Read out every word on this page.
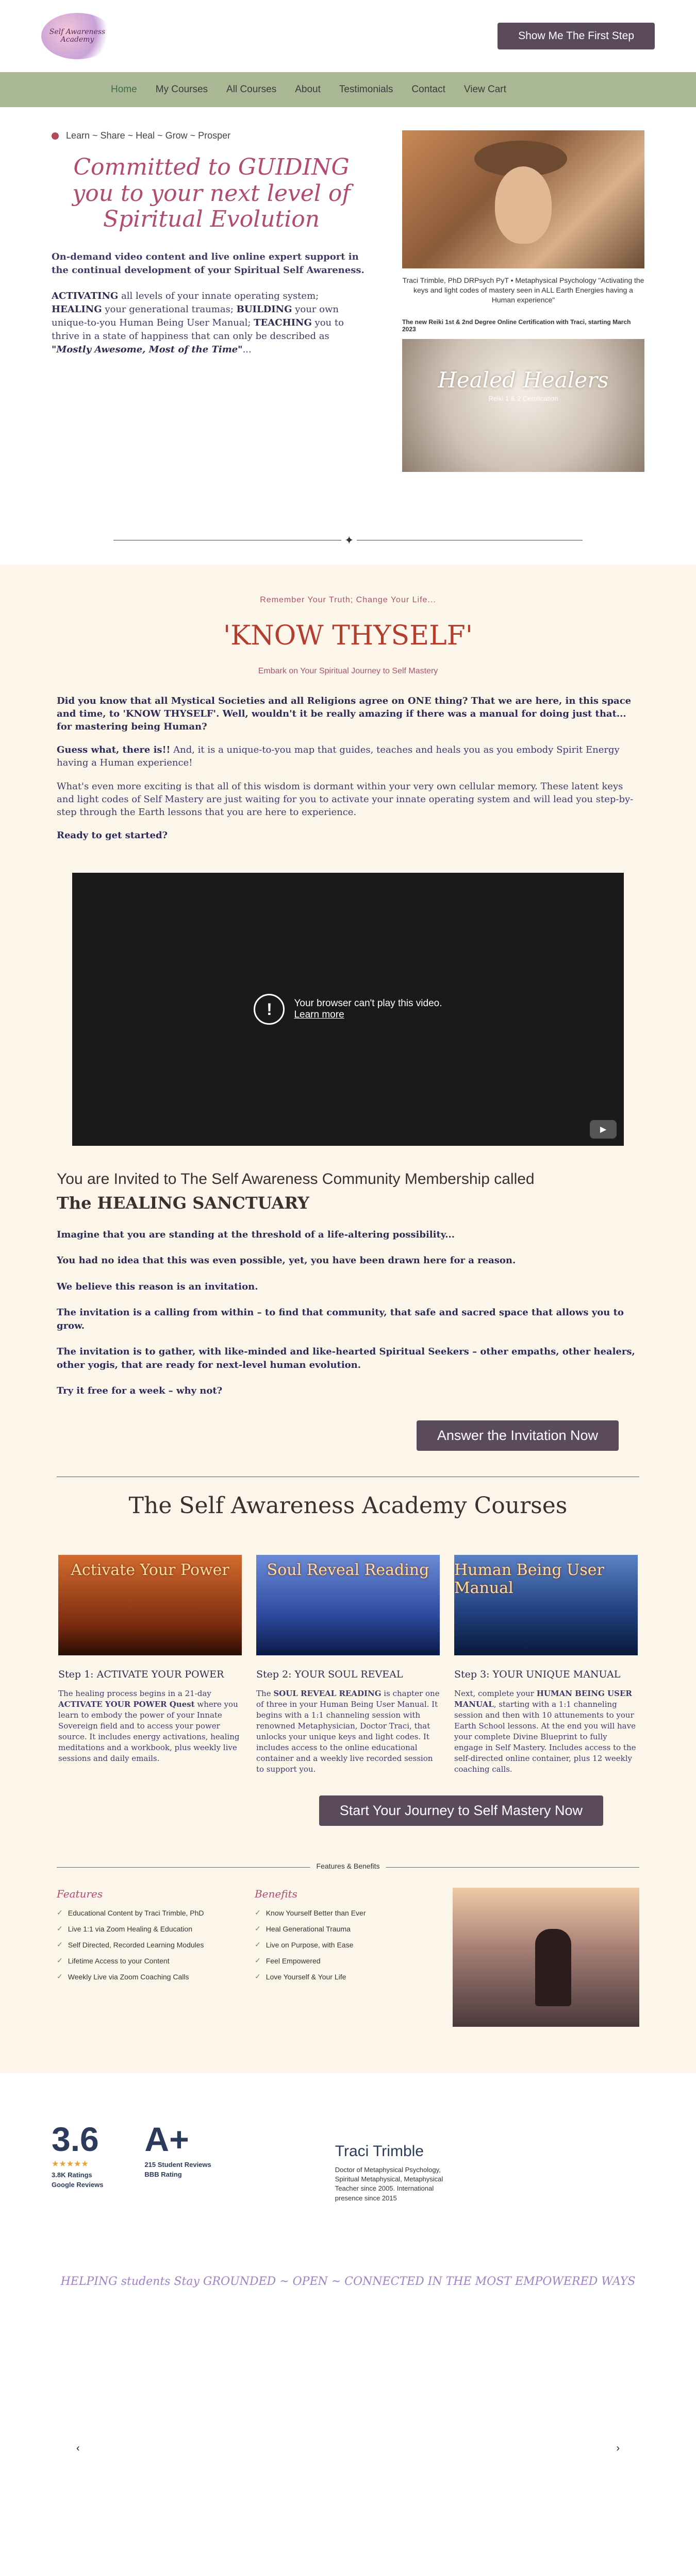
Self Awareness Academy	Show Me The First Step
Home My Courses All Courses About Testimonials Contact View Cart
Learn ~ Share ~ Heal ~ Grow ~ Prosper
Committed to GUIDING you to your next level of Spiritual Evolution

On-demand video content and live online expert support in the continual development of your Spiritual Self Awareness.

ACTIVATING all levels of your innate operating system; HEALING your generational traumas; BUILDING your own unique-to-you Human Being User Manual; TEACHING you to thrive in a state of happiness that can only be described as "Mostly Awesome, Most of the Time"...

Traci Trimble, PhD DRPsych PyT • Metaphysical Psychology "Activating the keys and light codes of mastery seen in ALL Earth Energies having a Human experience"
The new Reiki 1st & 2nd Degree Online Certification with Traci, starting March 2023
Healed Healers
Reiki 1 & 2 Certification
✦
Remember Your Truth; Change Your Life...
'KNOW THYSELF'
Embark on Your Spiritual Journey to Self Mastery

Did you know that all Mystical Societies and all Religions agree on ONE thing? That we are here, in this space and time, to 'KNOW THYSELF'. Well, wouldn't it be really amazing if there was a manual for doing just that... for mastering being Human?

Guess what, there is!! And, it is a unique-to-you map that guides, teaches and heals you as you embody Spirit Energy having a Human experience!

What's even more exciting is that all of this wisdom is dormant within your very own cellular memory. These latent keys and light codes of Self Mastery are just waiting for you to activate your innate operating system and will lead you step-by-step through the Earth lessons that you are here to experience.

Ready to get started?

!	Your browser can't play this video.
Learn more
▶
You are Invited to The Self Awareness Community Membership called
The HEALING SANCTUARY

Imagine that you are standing at the threshold of a life-altering possibility...

You had no idea that this was even possible, yet, you have been drawn here for a reason.

We believe this reason is an invitation.

The invitation is a calling from within – to find that community, that safe and sacred space that allows you to grow.

The invitation is to gather, with like-minded and like-hearted Spiritual Seekers – other empaths, other healers, other yogis, that are ready for next-level human evolution.

Try it free for a week – why not?

Answer the Invitation Now
The Self Awareness Academy Courses
Activate Your Power
Step 1: ACTIVATE YOUR POWER

The healing process begins in a 21-day ACTIVATE YOUR POWER Quest where you learn to embody the power of your Innate Sovereign field and to access your power source. It includes energy activations, healing meditations and a workbook, plus weekly live sessions and daily emails.

Soul Reveal Reading
Step 2: YOUR SOUL REVEAL

The SOUL REVEAL READING is chapter one of three in your Human Being User Manual. It begins with a 1:1 channeling session with renowned Metaphysician, Doctor Traci, that unlocks your unique keys and light codes. It includes access to the online educational container and a weekly live recorded session to support you.

Human Being User Manual
Step 3: YOUR UNIQUE MANUAL

Next, complete your HUMAN BEING USER MANUAL, starting with a 1:1 channeling session and then with 10 attunements to your Earth School lessons. At the end you will have your complete Divine Blueprint to fully engage in Self Mastery. Includes access to the self-directed online container, plus 12 weekly coaching calls.

Start Your Journey to Self Mastery Now
Features & Benefits
Features
✓ Educational Content by Traci Trimble, PhD
✓ Live 1:1 via Zoom Healing & Education
✓ Self Directed, Recorded Learning Modules
✓ Lifetime Access to your Content
✓ Weekly Live via Zoom Coaching Calls
Benefits
✓ Know Yourself Better than Ever
✓ Heal Generational Trauma
✓ Live on Purpose, with Ease
✓ Feel Empowered
✓ Love Yourself & Your Life
3.6
★★★★★
3.8K Ratings
Google Reviews
A+
215 Student Reviews
BBB Rating
Traci Trimble

Doctor of Metaphysical Psychology, Spiritual Metaphysical, Metaphysical Teacher since 2005. International presence since 2015

HELPING students Stay GROUNDED ~ OPEN ~ CONNECTED IN THE MOST EMPOWERED WAYS
‹	›
